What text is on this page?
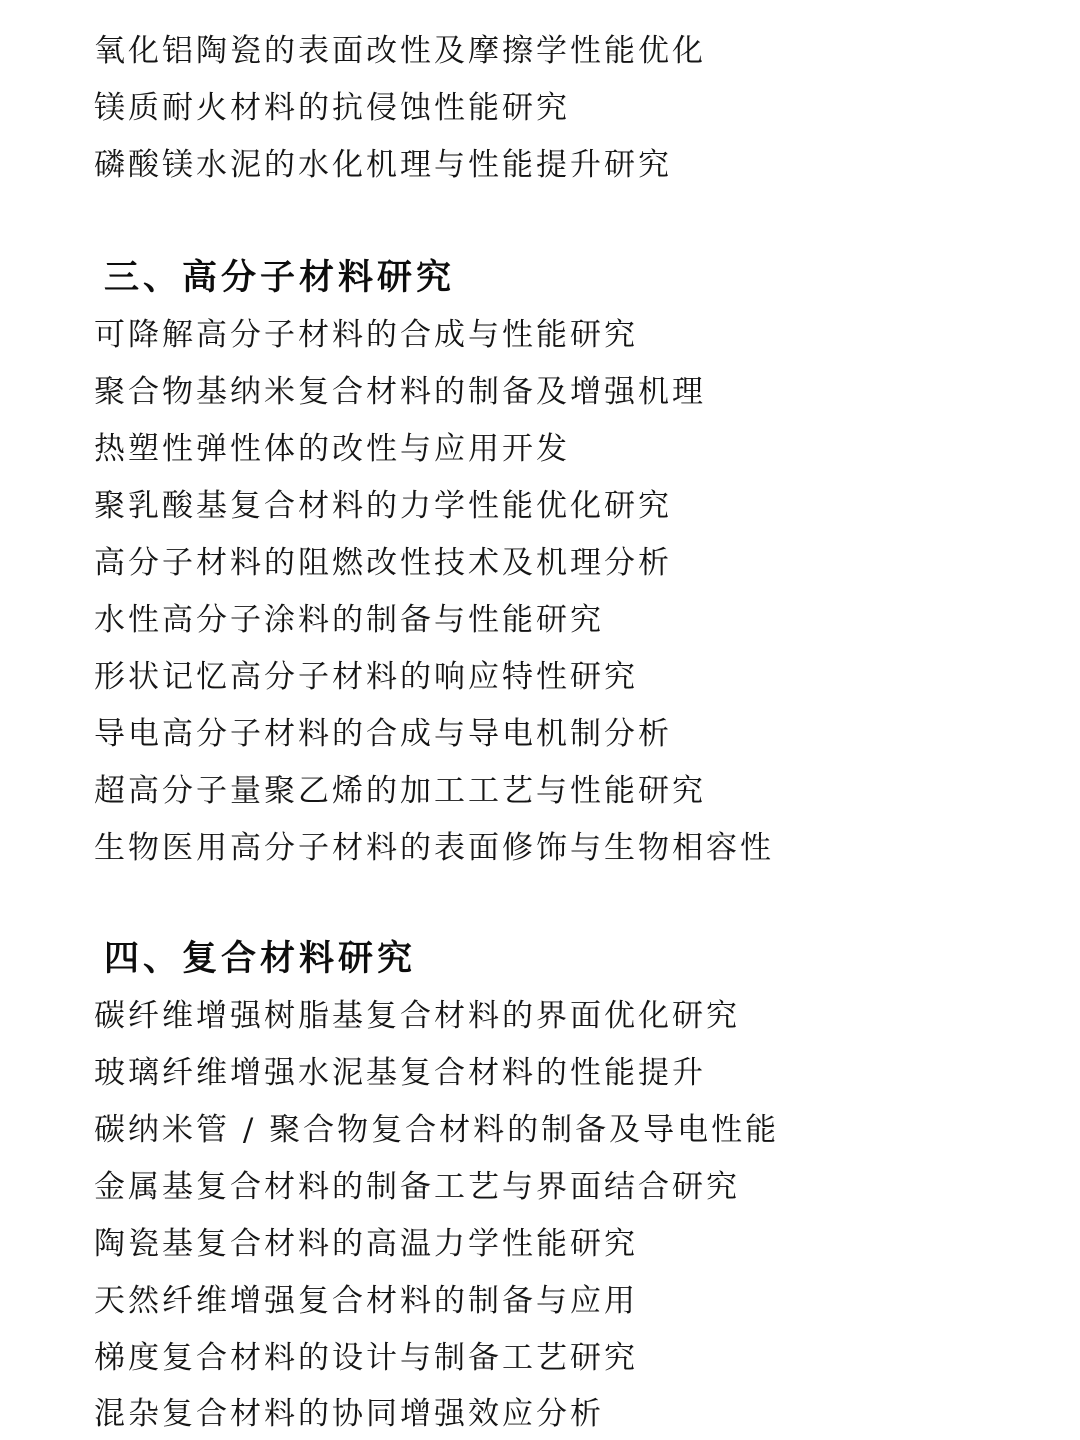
氧化铝陶瓷的表面改性及摩擦学性能优化
镁质耐火材料的抗侵蚀性能研究
磷酸镁水泥的水化机理与性能提升研究
三、高分子材料研究
可降解高分子材料的合成与性能研究
聚合物基纳米复合材料的制备及增强机理
热塑性弹性体的改性与应用开发
聚乳酸基复合材料的力学性能优化研究
高分子材料的阻燃改性技术及机理分析
水性高分子涂料的制备与性能研究
形状记忆高分子材料的响应特性研究
导电高分子材料的合成与导电机制分析
超高分子量聚乙烯的加工工艺与性能研究
生物医用高分子材料的表面修饰与生物相容性
四、复合材料研究
碳纤维增强树脂基复合材料的界面优化研究
玻璃纤维增强水泥基复合材料的性能提升
碳纳米管 / 聚合物复合材料的制备及导电性能
金属基复合材料的制备工艺与界面结合研究
陶瓷基复合材料的高温力学性能研究
天然纤维增强复合材料的制备与应用
梯度复合材料的设计与制备工艺研究
混杂复合材料的协同增强效应分析
